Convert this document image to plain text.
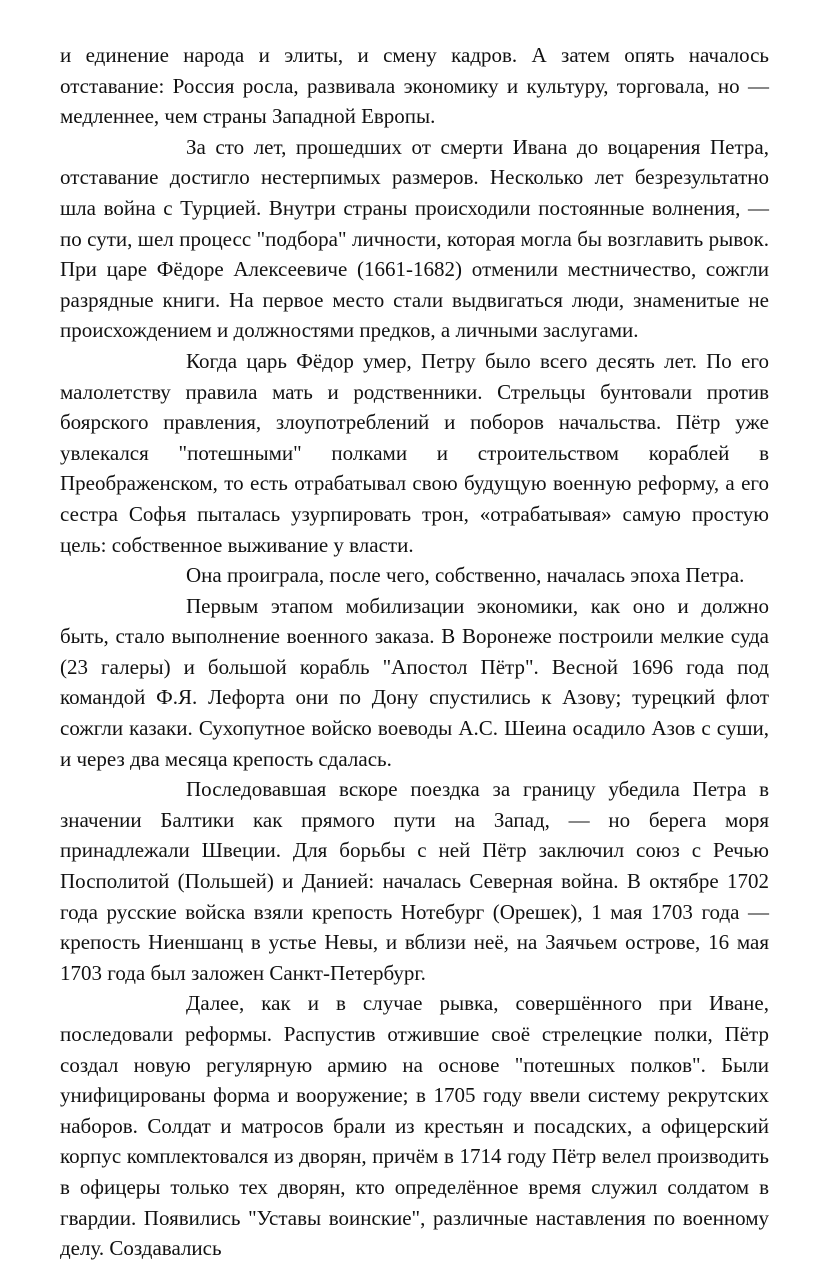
и единение народа и элиты, и смену кадров. А затем опять началось отставание: Россия росла, развивала экономику и культуру, торговала, но — медленнее, чем страны Западной Европы.

За сто лет, прошедших от смерти Ивана до воцарения Петра, отставание достигло нестерпимых размеров. Несколько лет безрезультатно шла война с Турцией. Внутри страны происходили постоянные волнения, — по сути, шел процесс "подбора" личности, которая могла бы возглавить рывок. При царе Фёдоре Алексеевиче (1661-1682) отменили местничество, сожгли разрядные книги. На первое место стали выдвигаться люди, знаменитые не происхождением и должностями предков, а личными заслугами.

Когда царь Фёдор умер, Петру было всего десять лет. По его малолетству правила мать и родственники. Стрельцы бунтовали против боярского правления, злоупотреблений и поборов начальства. Пётр уже увлекался "потешными" полками и строительством кораблей в Преображенском, то есть отрабатывал свою будущую военную реформу, а его сестра Софья пыталась узурпировать трон, «отрабатывая» самую простую цель: собственное выживание у власти.

Она проиграла, после чего, собственно, началась эпоха Петра.

Первым этапом мобилизации экономики, как оно и должно быть, стало выполнение военного заказа. В Воронеже построили мелкие суда (23 галеры) и большой корабль "Апостол Пётр". Весной 1696 года под командой Ф.Я. Лефорта они по Дону спустились к Азову; турецкий флот сожгли казаки. Сухопутное войско воеводы А.С. Шеина осадило Азов с суши, и через два месяца крепость сдалась.

Последовавшая вскоре поездка за границу убедила Петра в значении Балтики как прямого пути на Запад, — но берега моря принадлежали Швеции. Для борьбы с ней Пётр заключил союз с Речью Посполитой (Польшей) и Данией: началась Северная война. В октябре 1702 года русские войска взяли крепость Нотебург (Орешек), 1 мая 1703 года — крепость Ниеншанц в устье Невы, и вблизи неё, на Заячьем острове, 16 мая 1703 года был заложен Санкт-Петербург.

Далее, как и в случае рывка, совершённого при Иване, последовали реформы. Распустив отжившие своё стрелецкие полки, Пётр создал новую регулярную армию на основе "потешных полков". Были унифицированы форма и вооружение; в 1705 году ввели систему рекрутских наборов. Солдат и матросов брали из крестьян и посадских, а офицерский корпус комплектовался из дворян, причём в 1714 году Пётр велел производить в офицеры только тех дворян, кто определённое время служил солдатом в гвардии. Появились "Уставы воинские", различные наставления по военному делу. Создавались
